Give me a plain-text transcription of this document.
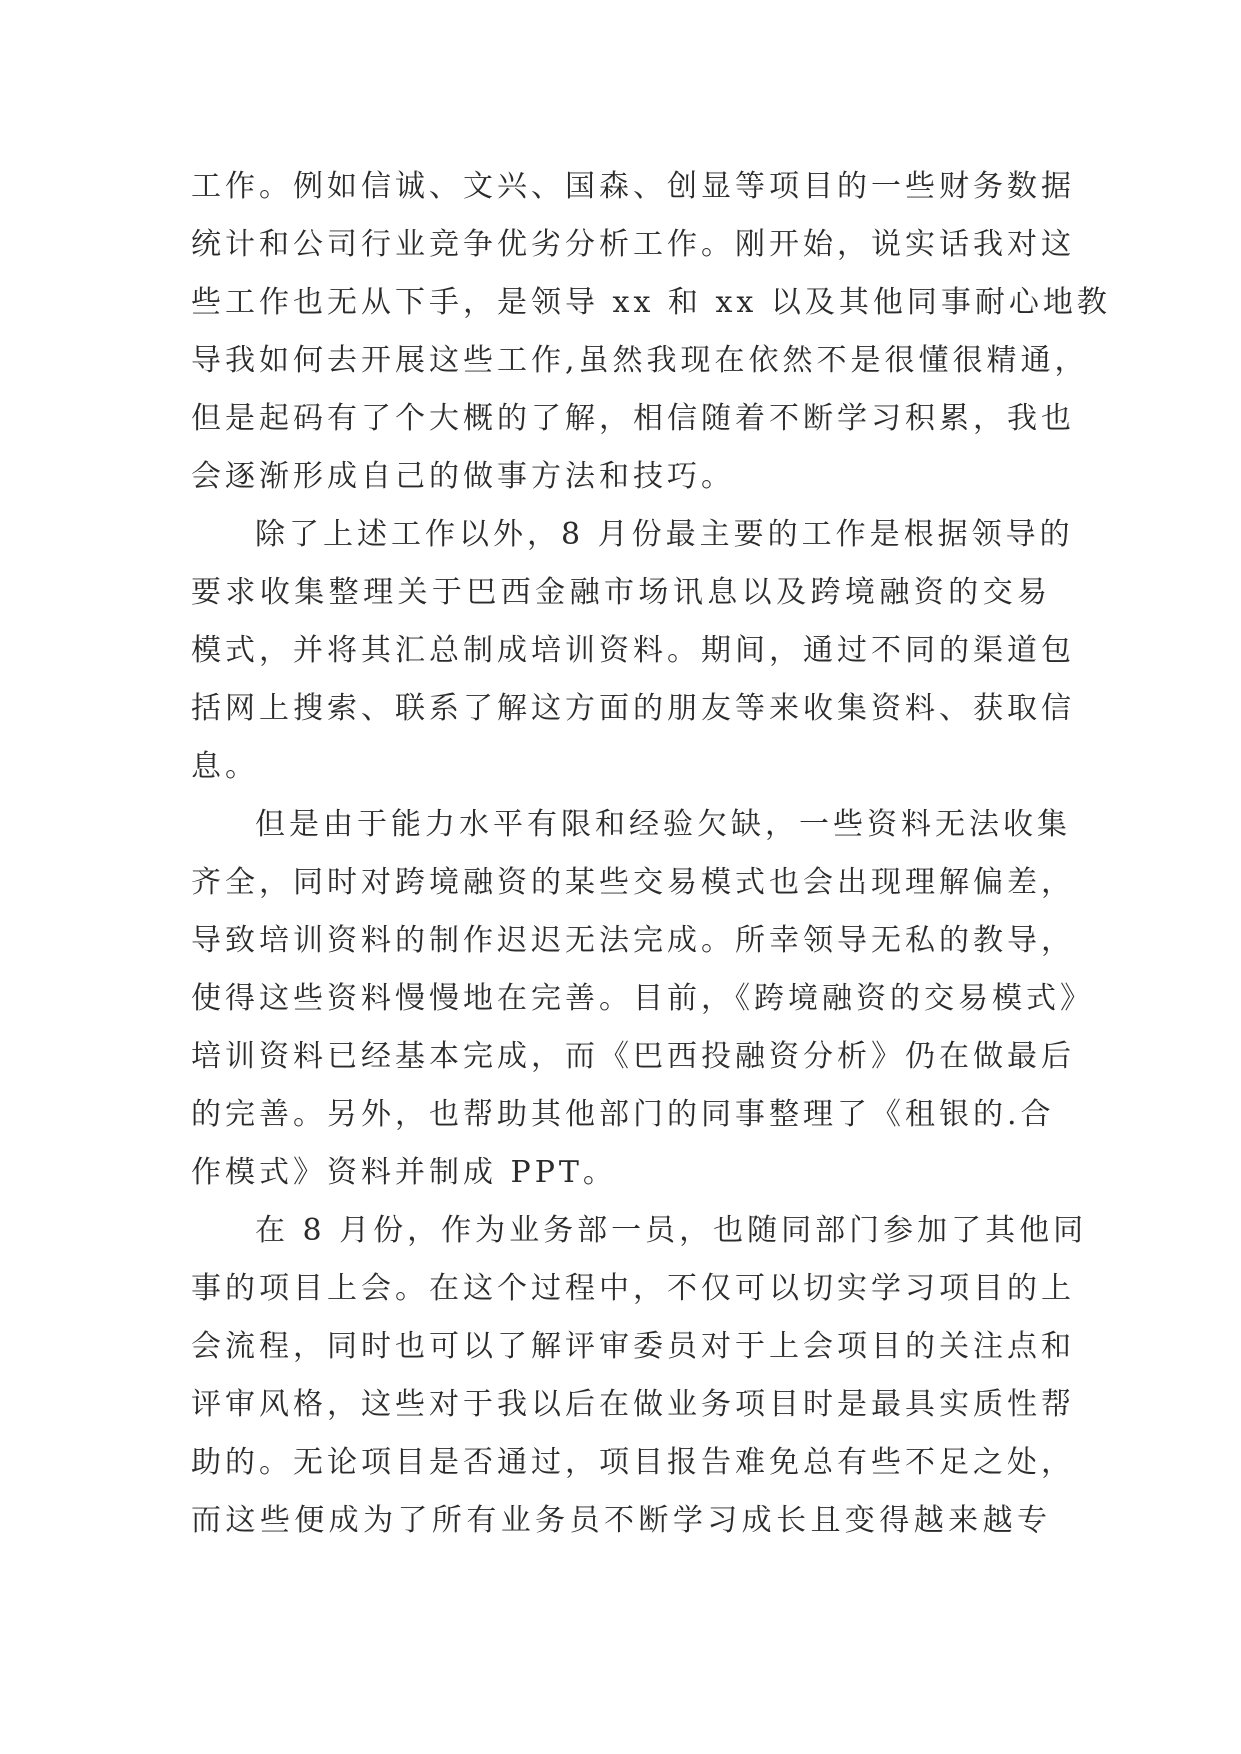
工作。例如信诚、文兴、国森、创显等项目的一些财务数据
统计和公司行业竞争优劣分析工作。刚开始，说实话我对这
些工作也无从下手，是领导 xx 和 xx 以及其他同事耐心地教
导我如何去开展这些工作,虽然我现在依然不是很懂很精通，
但是起码有了个大概的了解，相信随着不断学习积累，我也
会逐渐形成自己的做事方法和技巧。
除了上述工作以外，8 月份最主要的工作是根据领导的
要求收集整理关于巴西金融市场讯息以及跨境融资的交易
模式，并将其汇总制成培训资料。期间，通过不同的渠道包
括网上搜索、联系了解这方面的朋友等来收集资料、获取信
息。
但是由于能力水平有限和经验欠缺，一些资料无法收集
齐全，同时对跨境融资的某些交易模式也会出现理解偏差，
导致培训资料的制作迟迟无法完成。所幸领导无私的教导，
使得这些资料慢慢地在完善。目前，《跨境融资的交易模式》
培训资料已经基本完成，而《巴西投融资分析》仍在做最后
的完善。另外，也帮助其他部门的同事整理了《租银的.合
作模式》资料并制成 PPT。
在 8 月份，作为业务部一员，也随同部门参加了其他同
事的项目上会。在这个过程中，不仅可以切实学习项目的上
会流程，同时也可以了解评审委员对于上会项目的关注点和
评审风格，这些对于我以后在做业务项目时是最具实质性帮
助的。无论项目是否通过，项目报告难免总有些不足之处，
而这些便成为了所有业务员不断学习成长且变得越来越专
